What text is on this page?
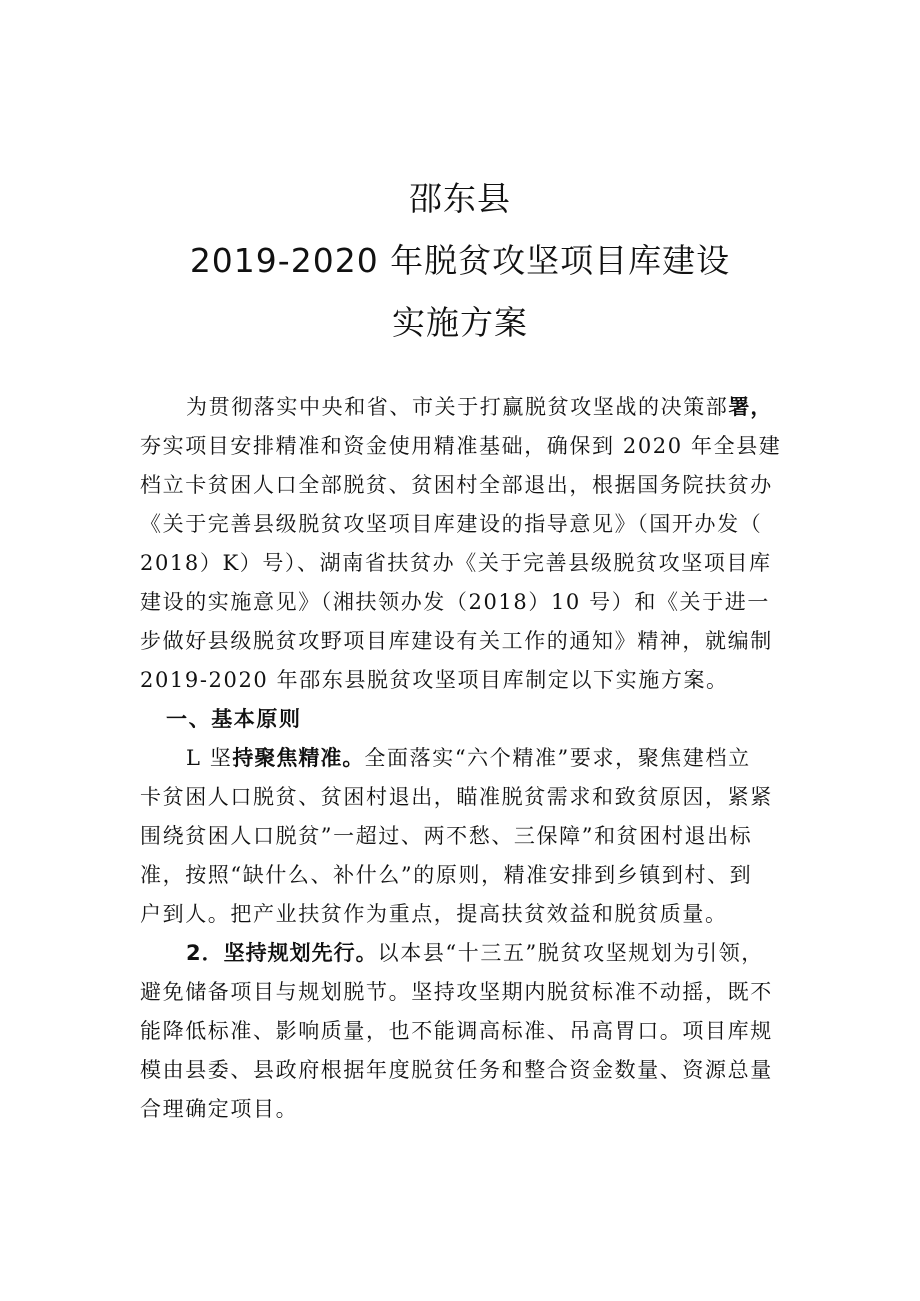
邵东县
2019-2020 年脱贫攻坚项目库建设
实施方案
为贯彻落实中央和省、市关于打赢脱贫攻坚战的决策部署，
夯实项目安排精准和资金使用精准基础，确保到 2020 年全县建
档立卡贫困人口全部脱贫、贫困村全部退出，根据国务院扶贫办
《关于完善县级脱贫攻坚项目库建设的指导意见》（国开办发（
2018）K）号）、湖南省扶贫办《关于完善县级脱贫攻坚项目库
建设的实施意见》（湘扶领办发（2018）10 号）和《关于进一
步做好县级脱贫攻野项目库建设有关工作的通知》精神，就编制
2019-2020 年邵东县脱贫攻坚项目库制定以下实施方案。
一、基本原则
L 坚持聚焦精准。全面落实“六个精准”要求，聚焦建档立
卡贫困人口脱贫、贫困村退出，瞄准脱贫需求和致贫原因，紧紧
围绕贫困人口脱贫”一超过、两不愁、三保障”和贫困村退出标
准，按照“缺什么、补什么”的原则，精准安排到乡镇到村、到
户到人。把产业扶贫作为重点，提高扶贫效益和脱贫质量。
2．坚持规划先行。以本县“十三五”脱贫攻坚规划为引领，
避免储备项目与规划脱节。坚持攻坚期内脱贫标准不动摇，既不
能降低标准、影响质量，也不能调高标准、吊高胃口。项目库规
模由县委、县政府根据年度脱贫任务和整合资金数量、资源总量
合理确定项目。
